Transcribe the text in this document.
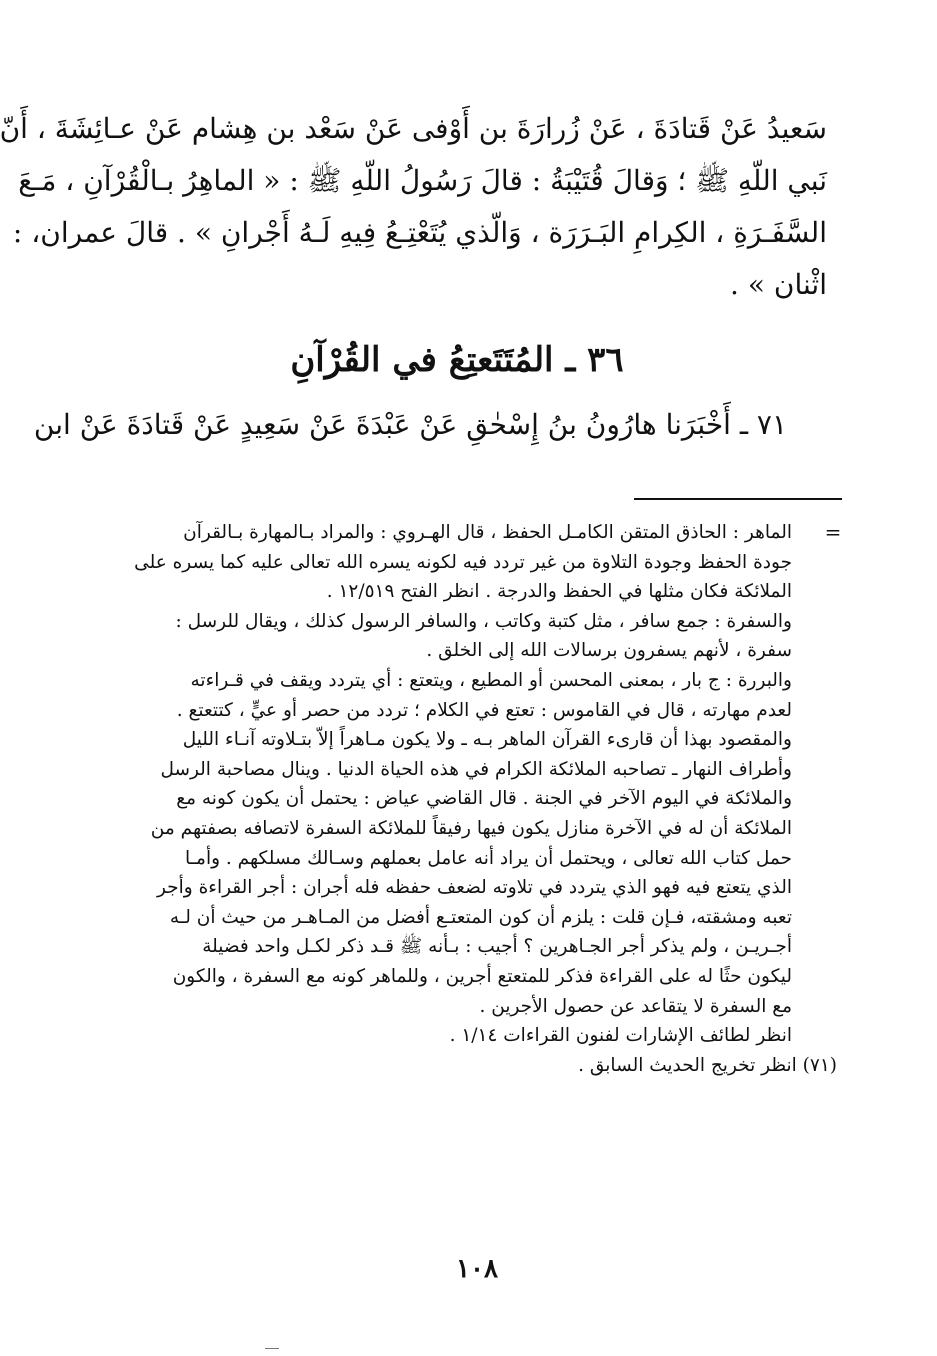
سَعيدُ عَنْ قَتادَةَ ، عَنْ زُرارَةَ بن أَوْفى عَنْ سَعْد بن هِشام عَنْ عـائِشَةَ ، أَنّ
نَبي اللّهِ ﷺ ؛ وَقالَ قُتَيْبَةُ : قالَ رَسُولُ اللّهِ ﷺ : « الماهِرُ بـالْقُرْآنِ ، مَـعَ
السَّفَـرَةِ ، الكِرامِ البَـرَرَة ، وَالّذي يُتَعْتِـعُ فِيهِ لَـهُ أَجْرانِ » . قالَ عمران، :
اثْنان » .
٣٦ ـ المُتَتَعتِعُ في القُرْآنِ

٧١ ـ أَخْبَرَنا هارُونُ بنُ إِسْحٰقِ عَنْ عَبْدَةَ عَنْ سَعِيدٍ عَنْ قَتادَةَ عَنْ ابن

=
الماهر : الحاذق المتقن الكامـل الحفظ ، قال الهـروي : والمراد بـالمهارة بـالقرآن
جودة الحفظ وجودة التلاوة من غير تردد فيه لكونه يسره الله تعالى عليه كما يسره على
الملائكة فكان مثلها في الحفظ والدرجة . انظر الفتح ١٢/٥١٩ .
والسفرة : جمع سافر ، مثل كتبة وكاتب ، والسافر الرسول كذلك ، ويقال للرسل :
سفرة ، لأنهم يسفرون برسالات الله إلى الخلق .
والبررة : ج بار ، بمعنى المحسن أو المطيع ، ويتعتع : أي يتردد ويقف في قـراءته
لعدم مهارته ، قال في القاموس : تعتع في الكلام ؛ تردد من حصر أو عيٍّ ، كتتعتع .
والمقصود بهذا أن قارىء القرآن الماهر بـه ـ ولا يكون مـاهراً إلاّ بتـلاوته آنـاء الليل
وأطراف النهار ـ تصاحبه الملائكة الكرام في هذه الحياة الدنيا . وينال مصاحبة الرسل
والملائكة في اليوم الآخر في الجنة . قال القاضي عياض : يحتمل أن يكون كونه مع
الملائكة أن له في الآخرة منازل يكون فيها رفيقاً للملائكة السفرة لاتصافه بصفتهم من
حمل كتاب الله تعالى ، ويحتمل أن يراد أنه عامل بعملهم وسـالك مسلكهم . وأمـا
الذي يتعتع فيه فهو الذي يتردد في تلاوته لضعف حفظه فله أجران : أجر القراءة وأجر
تعبه ومشقته، فـإن قلت : يلزم أن كون المتعتـع أفضل من المـاهـر من حيث أن لـه
أجـريـن ، ولم يذكر أجر الجـاهرين ؟ أجيب : بـأنه ﷺ قـد ذكر لكـل واحد فضيلة
ليكون حثًا له على القراءة فذكر للمتعتع أجرين ، وللماهر كونه مع السفرة ، والكون
مع السفرة لا يتقاعد عن حصول الأجرين .
انظر لطائف الإشارات لفنون القراءات ١/١٤ .

(٧١) انظر تخريج الحديث السابق .

١٠٨
